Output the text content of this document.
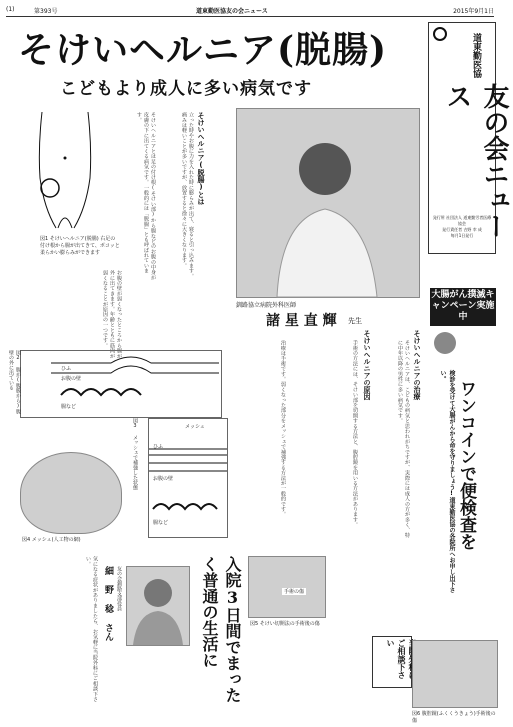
(1)	第393号	道東勤医協友の会ニュース	2015年9月1日
そけいヘルニア(脱腸)
こどもより成人に多い病気です
道東勤医協
友の会ニュース
発行所 社団法人 道東勤労者医療協会
発行責任者 吉野 幸 成
毎月1日発行
図1 そけいヘルニア(脱腸) 右足の付け根から腸が出てきて、ボコッと柔らかい膨らみができます	そけいヘルニアとは足の付け根(そけい部)から腸などのお腹の中身が皮膚の下に出てくる病気です。一般的には「脱腸」とも呼ばれています。	立った時やお腹に力を入れた時に膨らみが出て、寝ると引っ込みます。痛みは軽いことが多いですが、放置すると徐々に大きくなります。	そけいヘルニア(脱腸)とは
お腹の壁が弱くなったところから腸が外に出てきます。年齢とともに筋肉が弱くなることが原因の一つです。	釧路協立病院外科医師
諸 星 直 輝 先生
ひふ
お腹の壁
腸など
図2 腸が(腹膜から)腹壁の外に出ている
図4 メッシュ(人工物の網)
メッシュ
ひふ
お腹の壁
腸など
図3 メッシュで補強した状態
そけいヘルニアの治療
治療は手術です。弱くなった部分をメッシュで補強する方法が一般的です。	そけいヘルニアの原因
手術の方法には、そけい部を切開する方法と、腹腔鏡を用いる方法があります。	そけいヘルニアは、こどもの病気と思われがちですが、実際には成人の方が多く、特に中年以降の男性に多い病気です。
大腸がん撲滅キャンペーン実施中
ワンコインで便検査を
検診を受けて大腸がんから命を守りましょう!道東勤医協の各院所へお申し出下さい。
入院3日間でまったく普通の生活に
細 野 稔 さん 友の会釧路支部役員
気になる症状がありましたら、お気軽に当院外科にご相談下さい。
手術の傷
図5 そけい切開法の手術後の傷
ご相談下さい
図6 腹腔鏡(ふくくうきょう)手術後の傷
